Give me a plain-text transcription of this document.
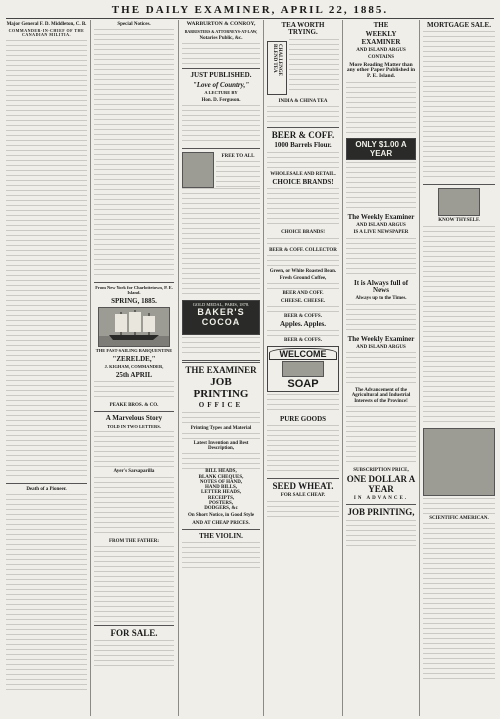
THE DAILY EXAMINER, APRIL 22, 1885.
Major General F. D. Middleton, C. B.
COMMANDER-IN-CHIEF OF THE CANADIAN MILITIA.
Death of a Pioneer.
Special Notices.
From New York for Charlottetown, P. E. Island.
SPRING, 1885.
THE FAST-SAILING BARQUENTINE
"ZERELDE,"
J. KIGHAM, COMMANDER,
25th APRIL
PEAKE BROS. & CO.
A Marvelous Story
TOLD IN TWO LETTERS.
Ayer's Sarsaparilla
FROM THE FATHER:
FOR SALE.
WARBURTON & CONROY,
BARRISTERS & ATTORNEYS-AT-LAW,
Notaries Public, &c.
JUST PUBLISHED.
"Love of Country,"
A LECTURE BY
Hon. D. Ferguson.
FREE TO ALL
GOLD MEDAL, PARIS, 1878.
BAKER'S COCOA
THE EXAMINER
JOB PRINTING
OFFICE
Printing Types and Material
Latest Invention and Best Description,
BILL HEADS,
BLANK CHEQUES,
NOTES OF HAND,
HAND BILLS,
LETTER HEADS,
RECEIPTS,
POSTERS,
DODGERS, &c
On Short Notice, in Good Style
AND AT CHEAP PRICES.
THE VIOLIN.
TEA WORTH TRYING.
CHALLENGE BLEND TEA
INDIA & CHINA TEA
BEER & COFF.
1000 Barrels Flour.
WHOLESALE AND RETAIL.
CHOICE BRANDS!
CHOICE BRANDS!
BEER & COFF. COLLECTOR
Green, or White Roasted Bean.
Fresh Ground Coffee,
BEER AND COFF.
CHEESE. CHEESE.
BEER & COFFS.
Apples. Apples.
BEER & COFFS.
WELCOME
SOAP
PURE GOODS
SEED WHEAT.
FOR SALE CHEAP.
THE
WEEKLY EXAMINER
AND ISLAND ARGUS
CONTAINS
More Reading Matter than any other Paper Published in P. E. Island.
ONLY $1.00 A YEAR
The Weekly Examiner
AND ISLAND ARGUS
IS A LIVE NEWSPAPER
It is Always full of News
Always up to the Times.
The Weekly Examiner
AND ISLAND ARGUS
The Advancement of the Agricultural and Industrial Interests of the Province!
SUBSCRIPTION PRICE,
ONE DOLLAR A YEAR
IN ADVANCE.
JOB PRINTING,
MORTGAGE SALE.
KNOW THYSELF.
SCIENTIFIC AMERICAN.
